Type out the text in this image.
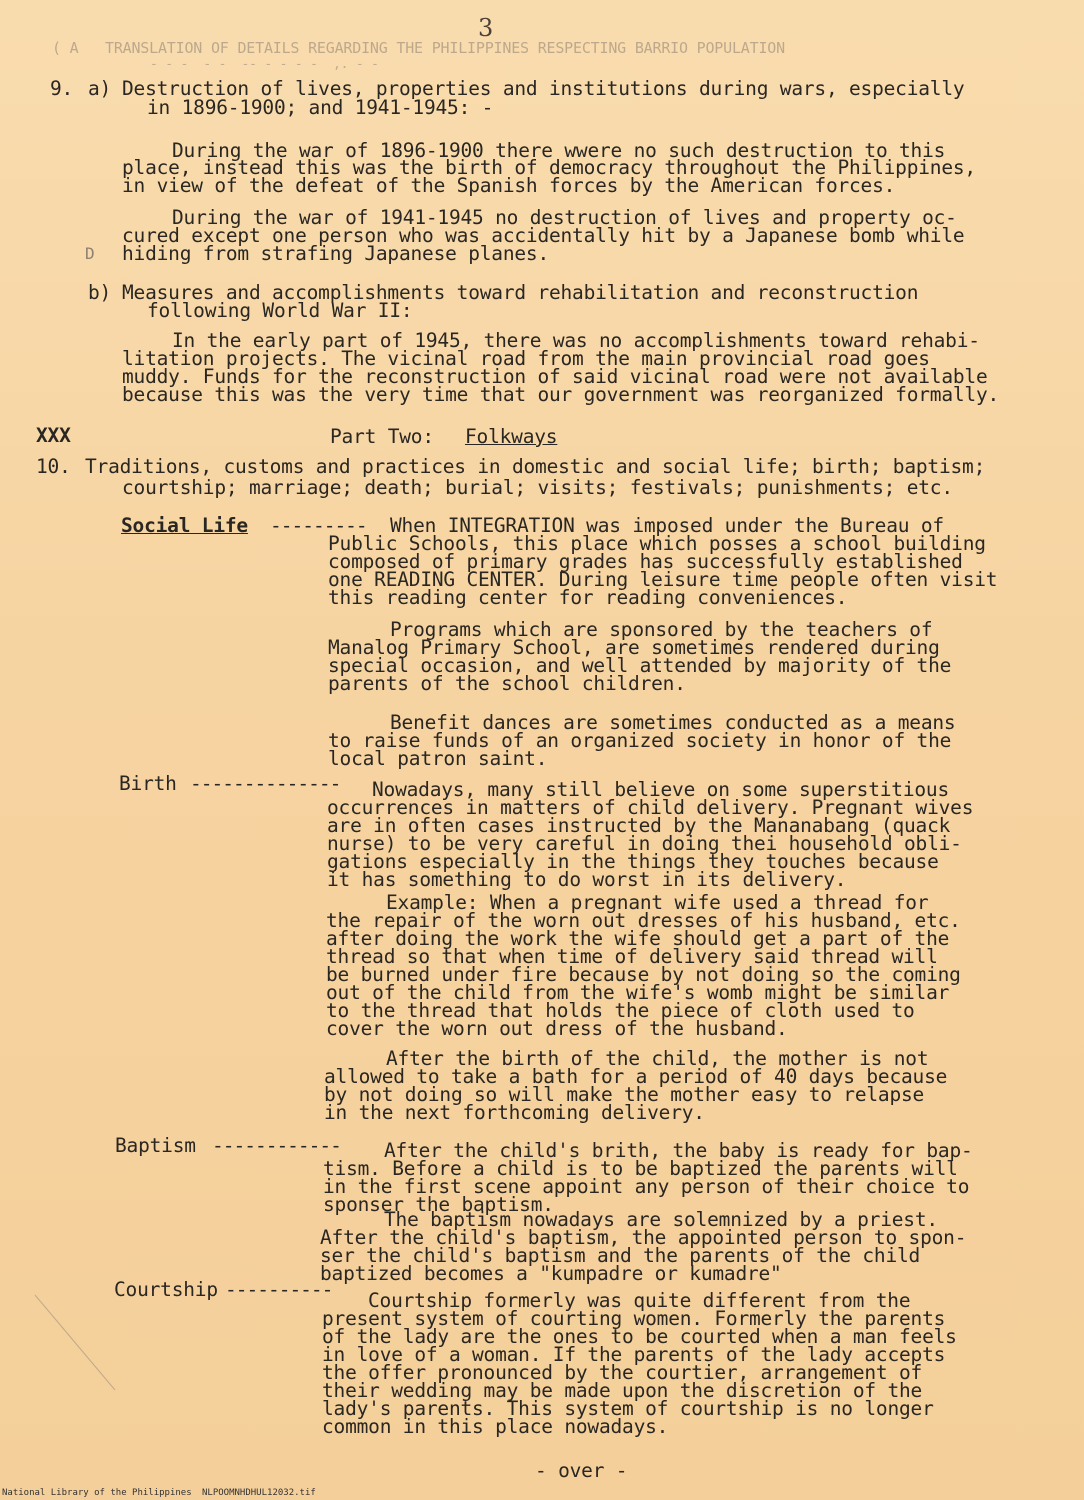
3
( A   TRANSLATION OF DETAILS REGARDING THE PHILIPPINES RESPECTING BARRIO POPULATION
- - -  - -  -- - - - -  ,. - -
9. a) Destruction of lives, properties and institutions during wars, especially
in 1896-1900; and 1941-1945: -
During the war of 1896-1900 there wwere no such destruction to this
place, instead this was the birth of democracy throughout the Philippines,
in view of the defeat of the Spanish forces by the American forces.
During the war of 1941-1945 no destruction of lives and property oc-
cured except one person who was accidentally hit by a Japanese bomb while
D hiding from strafing Japanese planes.
b) Measures and accomplishments toward rehabilitation and reconstruction
following World War II:
In the early part of 1945, there was no accomplishments toward rehabi-
litation projects. The vicinal road from the main provincial road goes
muddy. Funds for the reconstruction of said vicinal road were not available
because this was the very time that our government was reorganized formally.
XXX	Part Two: Folkways
10. Traditions, customs and practices in domestic and social life; birth; baptism;
courtship; marriage; death; burial; visits; festivals; punishments; etc.
Social Life --------- When INTEGRATION was imposed under the Bureau of
Public Schools, this place which posses a school building
composed of primary grades has successfully established
one READING CENTER. During leisure time people often visit
this reading center for reading conveniences.
Programs which are sponsored by the teachers of
Manalog Primary School, are sometimes rendered during
special occasion, and well attended by majority of the
parents of the school children.
Benefit dances are sometimes conducted as a means
to raise funds of an organized society in honor of the
local patron saint.
Birth -------------- Nowadays, many still believe on some superstitious
occurrences in matters of child delivery. Pregnant wives
are in often cases instructed by the Mananabang (quack
nurse) to be very careful in doing thei household obli-
gations especially in the things they touches because
it has something to do worst in its delivery.
Example: When a pregnant wife used a thread for
the repair of the worn out dresses of his husband, etc.
after doing the work the wife should get a part of the
thread so that when time of delivery said thread will
be burned under fire because by not doing so the coming
out of the child from the wife's womb might be similar
to the thread that holds the piece of cloth used to
cover the worn out dress of the husband.
After the birth of the child, the mother is not
allowed to take a bath for a period of 40 days because
by not doing so will make the mother easy to relapse
in the next forthcoming delivery.
Baptism ------------ After the child's brith, the baby is ready for bap-
tism. Before a child is to be baptized the parents will
in the first scene appoint any person of their choice to
sponser the baptism.
The baptism nowadays are solemnized by a priest.
After the child's baptism, the appointed person to spon-
ser the child's baptism and the parents of the child
baptized becomes a "kumpadre or kumadre"
Courtship ---------- Courtship formerly was quite different from the
present system of courting women. Formerly the parents
of the lady are the ones to be courted when a man feels
in love of a woman. If the parents of the lady accepts
the offer pronounced by the courtier, arrangement of
their wedding may be made upon the discretion of the
lady's parents. This system of courtship is no longer
common in this place nowadays.
- over -
National Library of the Philippines NLPOOMNHDHUL12032.tif
